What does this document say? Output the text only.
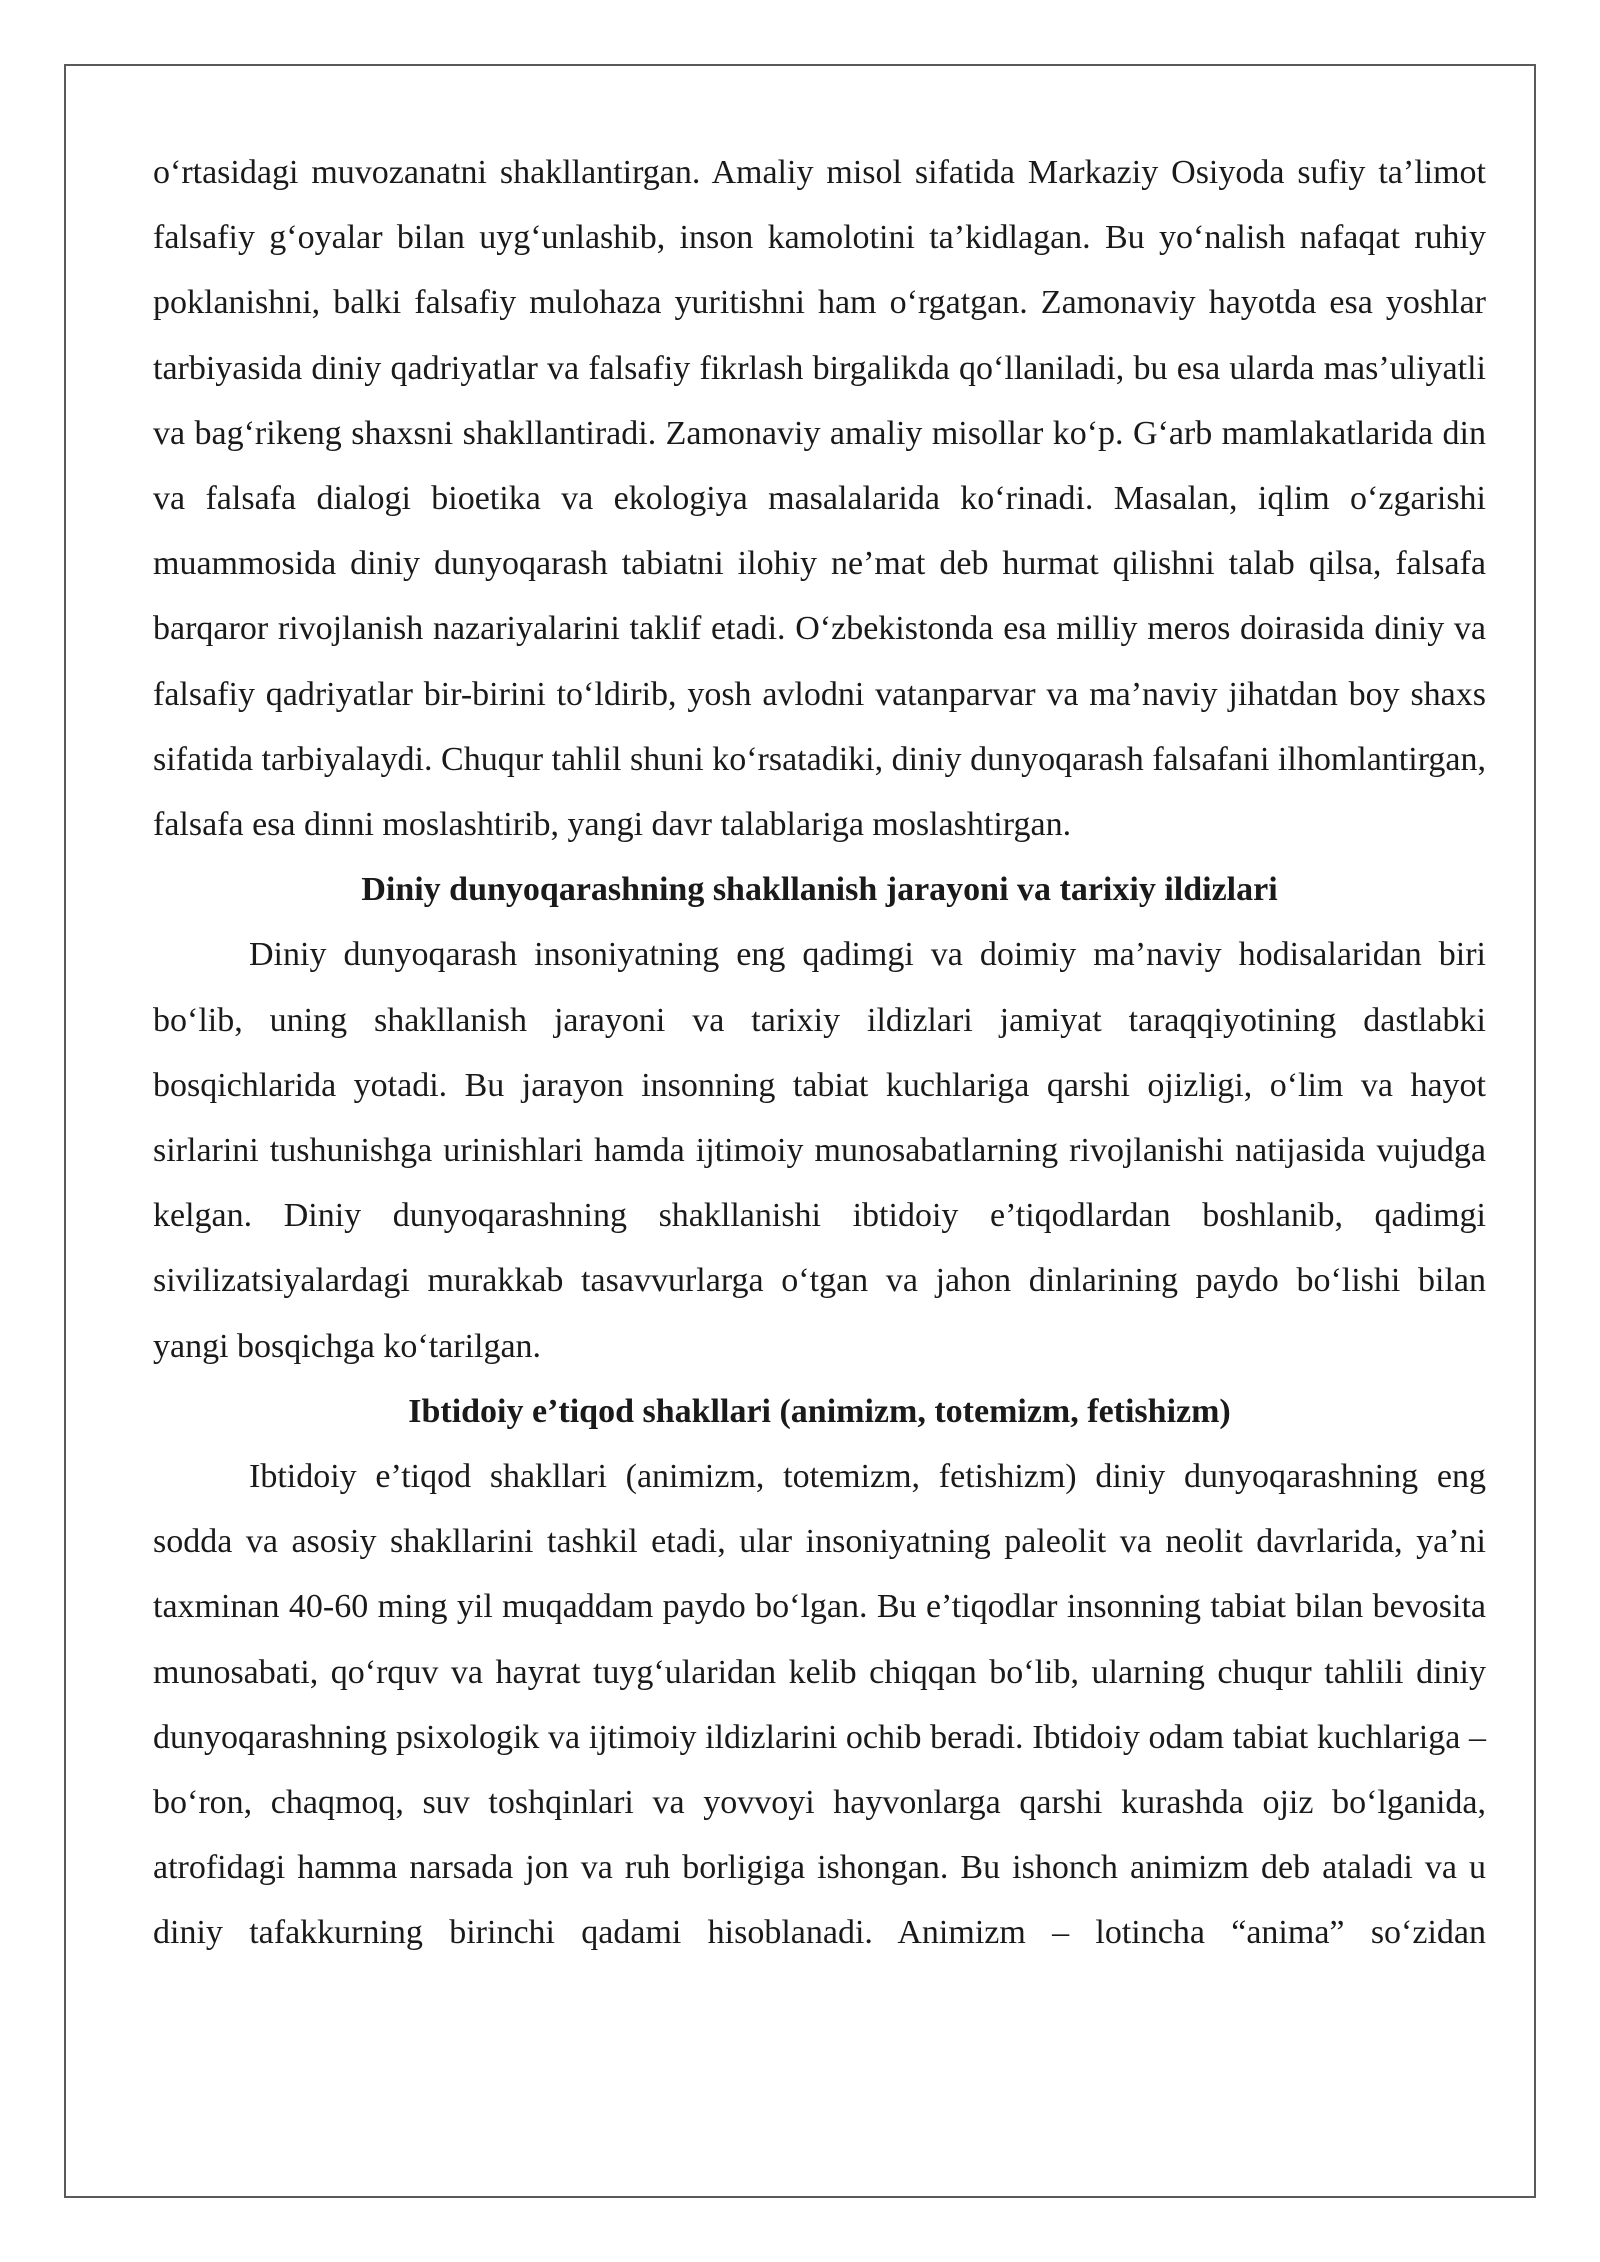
o‘rtasidagi muvozanatni shakllantirgan. Amaliy misol sifatida Markaziy Osiyoda sufiy ta’limot falsafiy g‘oyalar bilan uyg‘unlashib, inson kamolotini ta’kidlagan. Bu yo‘nalish nafaqat ruhiy poklanishni, balki falsafiy mulohaza yuritishni ham o‘rgatgan. Zamonaviy hayotda esa yoshlar tarbiyasida diniy qadriyatlar va falsafiy fikrlash birgalikda qo‘llaniladi, bu esa ularda mas’uliyatli va bag‘rikeng shaxsni shakllantiradi. Zamonaviy amaliy misollar ko‘p. G‘arb mamlakatlarida din va falsafa dialogi bioetika va ekologiya masalalarida ko‘rinadi. Masalan, iqlim o‘zgarishi muammosida diniy dunyoqarash tabiatni ilohiy ne’mat deb hurmat qilishni talab qilsa, falsafa barqaror rivojlanish nazariyalarini taklif etadi. O‘zbekistonda esa milliy meros doirasida diniy va falsafiy qadriyatlar bir-birini to‘ldirib, yosh avlodni vatanparvar va ma’naviy jihatdan boy shaxs sifatida tarbiyalaydi. Chuqur tahlil shuni ko‘rsatadiki, diniy dunyoqarash falsafani ilhomlantirgan, falsafa esa dinni moslashtirib, yangi davr talablariga moslashtirgan.

Diniy dunyoqarashning shakllanish jarayoni va tarixiy ildizlari

Diniy dunyoqarash insoniyatning eng qadimgi va doimiy ma’naviy hodisalaridan biri bo‘lib, uning shakllanish jarayoni va tarixiy ildizlari jamiyat taraqqiyotining dastlabki bosqichlarida yotadi. Bu jarayon insonning tabiat kuchlariga qarshi ojizligi, o‘lim va hayot sirlarini tushunishga urinishlari hamda ijtimoiy munosabatlarning rivojlanishi natijasida vujudga kelgan. Diniy dunyoqarashning shakllanishi ibtidoiy e’tiqodlardan boshlanib, qadimgi sivilizatsiyalardagi murakkab tasavvurlarga o‘tgan va jahon dinlarining paydo bo‘lishi bilan yangi bosqichga ko‘tarilgan.

Ibtidoiy e’tiqod shakllari (animizm, totemizm, fetishizm)

Ibtidoiy e’tiqod shakllari (animizm, totemizm, fetishizm) diniy dunyoqarashning eng sodda va asosiy shakllarini tashkil etadi, ular insoniyatning paleolit va neolit davrlarida, ya’ni taxminan 40-60 ming yil muqaddam paydo bo‘lgan. Bu e’tiqodlar insonning tabiat bilan bevosita munosabati, qo‘rquv va hayrat tuyg‘ularidan kelib chiqqan bo‘lib, ularning chuqur tahlili diniy dunyoqarashning psixologik va ijtimoiy ildizlarini ochib beradi. Ibtidoiy odam tabiat kuchlariga – bo‘ron, chaqmoq, suv toshqinlari va yovvoyi hayvonlarga qarshi kurashda ojiz bo‘lganida, atrofidagi hamma narsada jon va ruh borligiga ishongan. Bu ishonch animizm deb ataladi va u diniy tafakkurning birinchi qadami hisoblanadi. Animizm – lotincha “anima” so‘zidan
